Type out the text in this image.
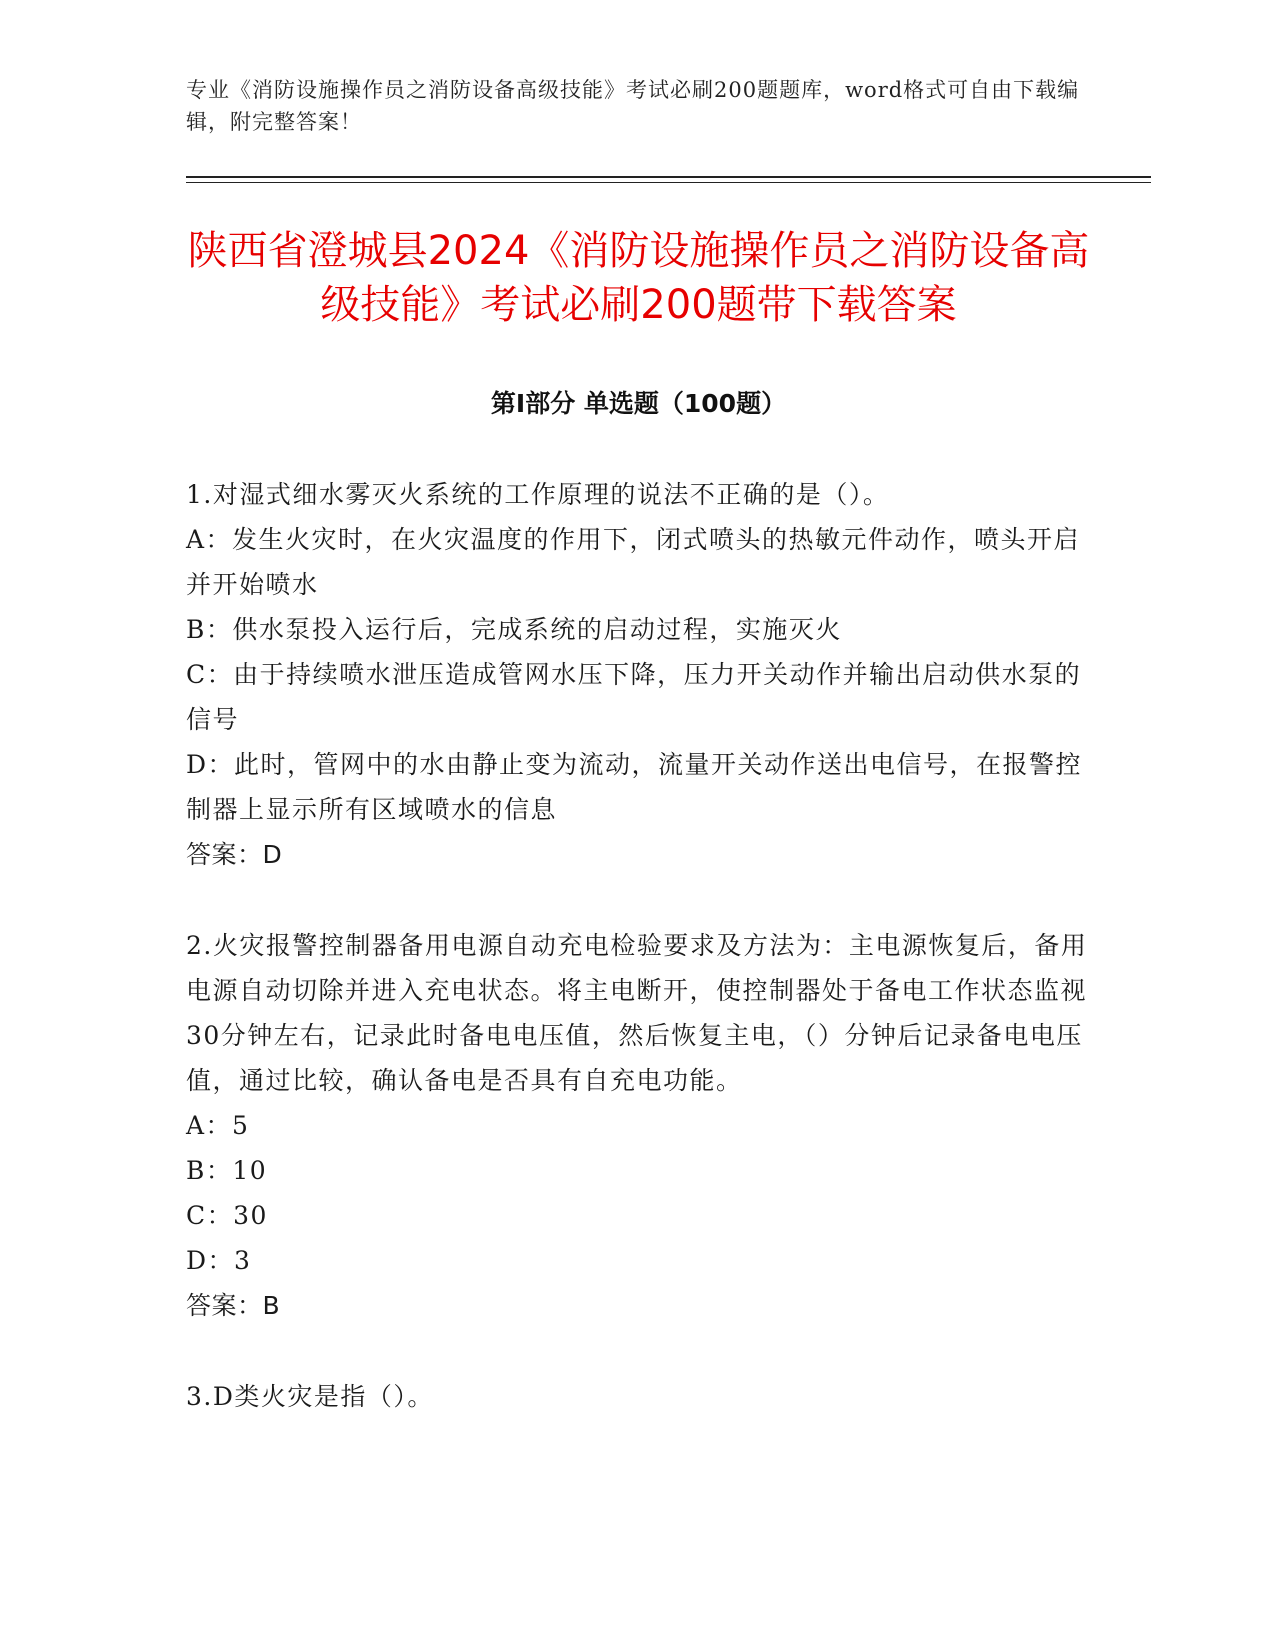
专业《消防设施操作员之消防设备高级技能》考试必刷200题题库，word格式可自由下载编辑，附完整答案！
陕西省澄城县2024《消防设施操作员之消防设备高级技能》考试必刷200题带下载答案
第Ⅰ部分 单选题（100题）

1.对湿式细水雾灭火系统的工作原理的说法不正确的是（）。

A：发生火灾时，在火灾温度的作用下，闭式喷头的热敏元件动作，喷头开启并开始喷水

B：供水泵投入运行后，完成系统的启动过程，实施灭火

C：由于持续喷水泄压造成管网水压下降，压力开关动作并输出启动供水泵的信号

D：此时，管网中的水由静止变为流动，流量开关动作送出电信号，在报警控制器上显示所有区域喷水的信息

答案：D

2.火灾报警控制器备用电源自动充电检验要求及方法为：主电源恢复后，备用电源自动切除并进入充电状态。将主电断开，使控制器处于备电工作状态监视30分钟左右，记录此时备电电压值，然后恢复主电，（）分钟后记录备电电压值，通过比较，确认备电是否具有自充电功能。

A：5

B：10

C：30

D：3

答案：B

3.D类火灾是指（）。
